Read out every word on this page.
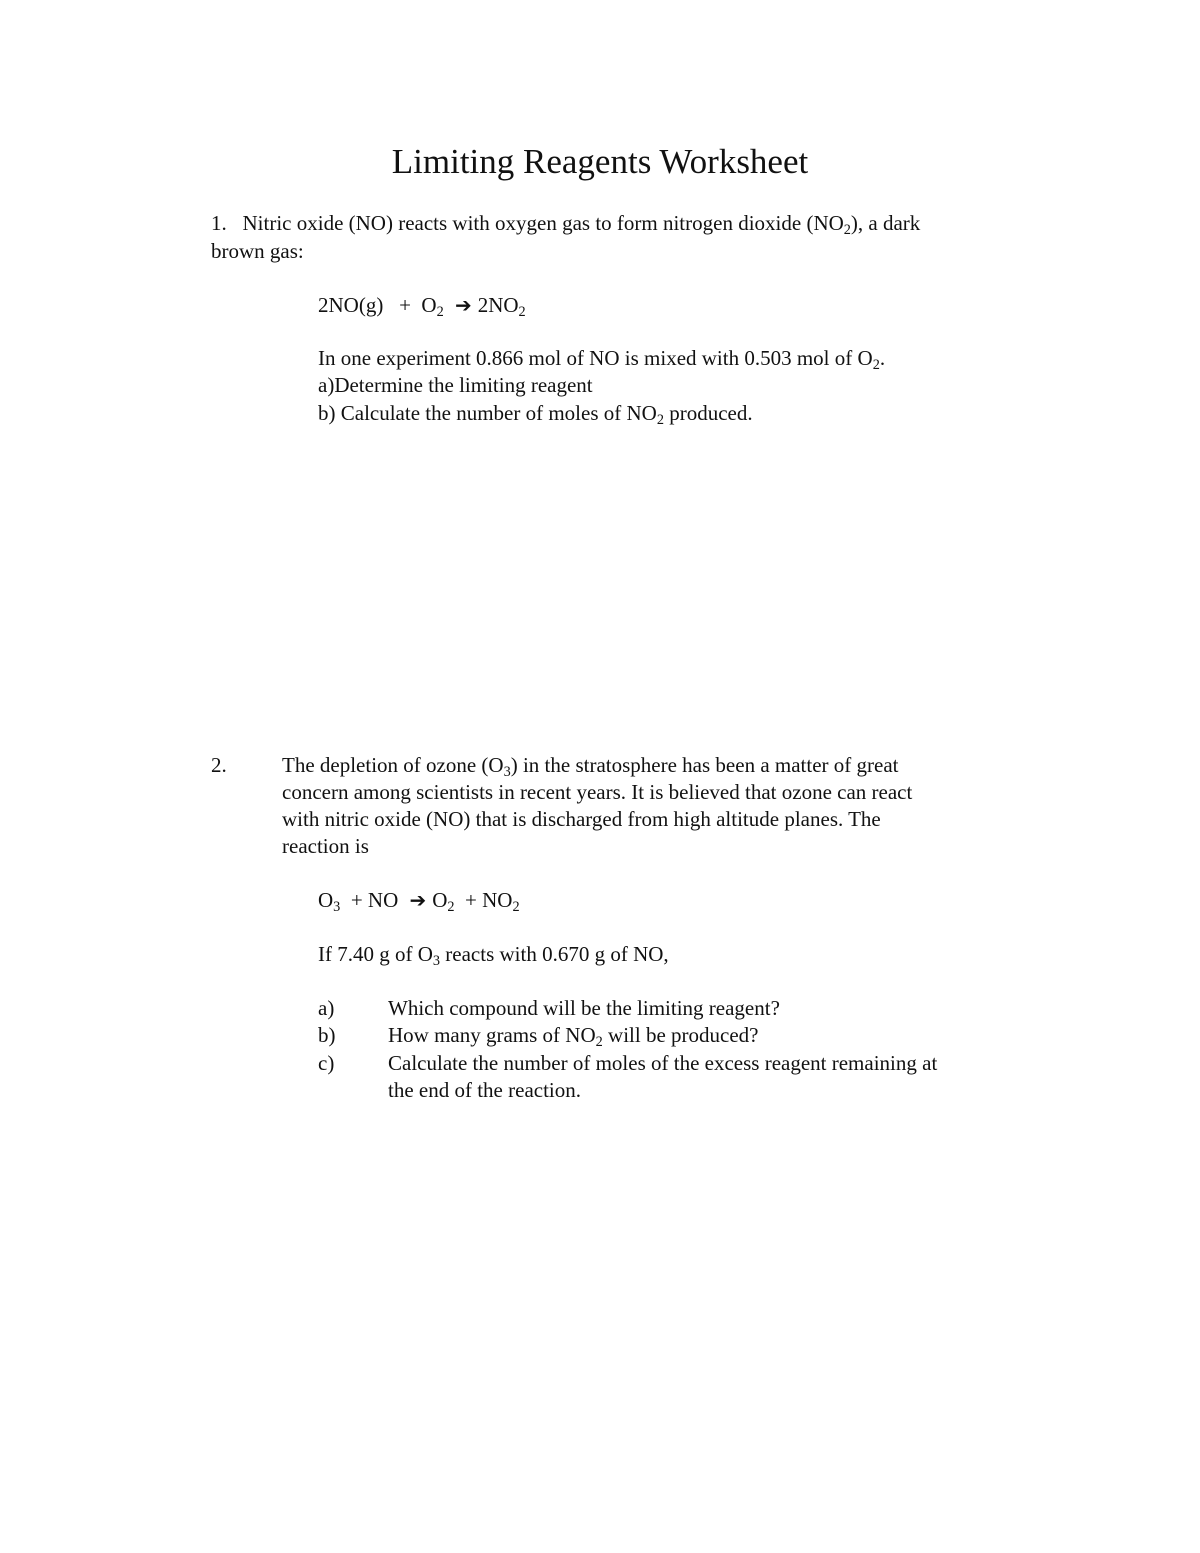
Limiting Reagents Worksheet
1. Nitric oxide (NO) reacts with oxygen gas to form nitrogen dioxide $(NO_2)$, a dark
brown gas:
$2NO(g) + O_2$ ➔ $2NO_2$
In one experiment 0.866 mol of NO is mixed with 0.503 mol of $O_2$.
a)Determine the limiting reagent
b) Calculate the number of moles of $NO_2$ produced.
2.	The depletion of ozone $(O_3)$ in the stratosphere has been a matter of great
concern among scientists in recent years. It is believed that ozone can react
with nitric oxide (NO) that is discharged from high altitude planes. The
reaction is
$O_3$  + NO ➔ $O_2 + NO_2$
If 7.40 g of $O_3$ reacts with 0.670 g of NO,
a)	Which compound will be the limiting reagent?
b)	How many grams of $NO_2$ will be produced?
c)	Calculate the number of moles of the excess reagent remaining at
the end of the reaction.
